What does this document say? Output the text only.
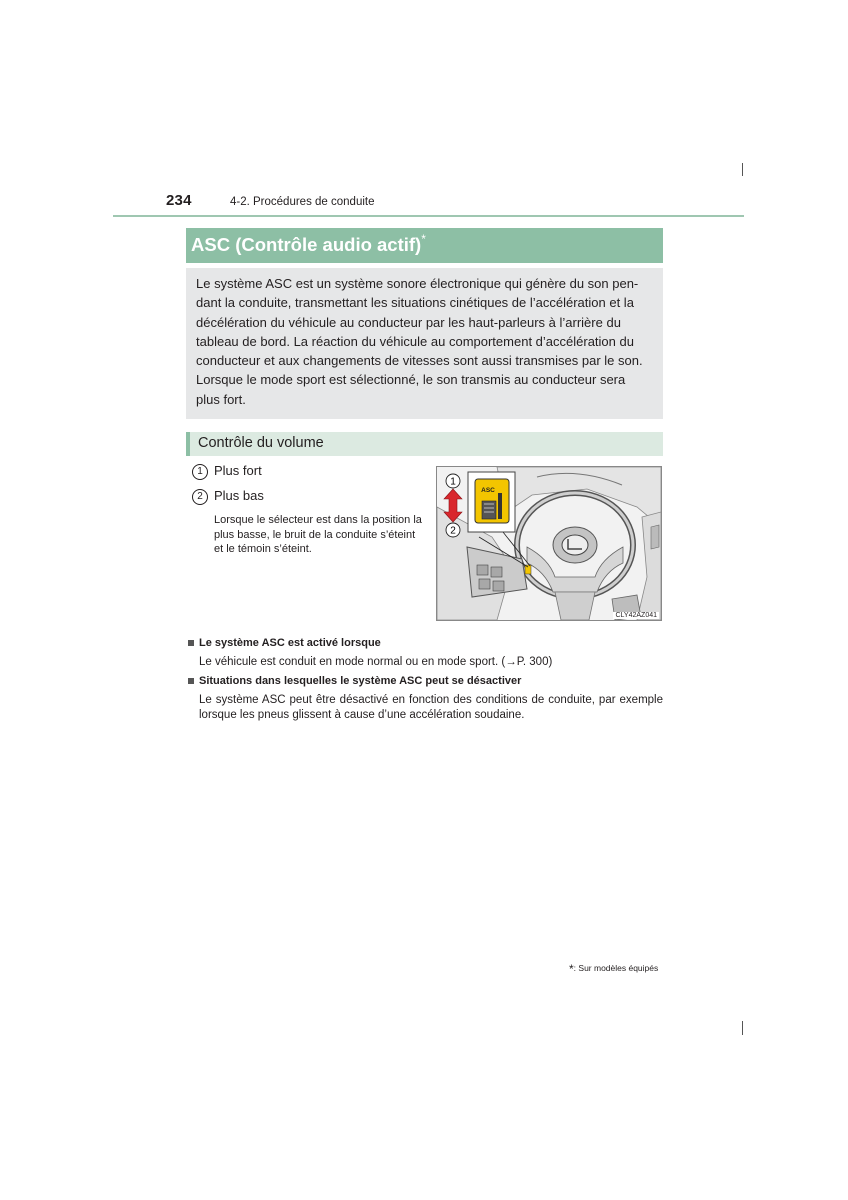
234	4-2. Procédures de conduite
ASC (Contrôle audio actif)*
Le système ASC est un système sonore électronique qui génère du son pen-
dant la conduite, transmettant les situations cinétiques de l’accélération et la
décélération du véhicule au conducteur par les haut-parleurs à l’arrière du
tableau de bord. La réaction du véhicule au comportement d’accélération du
conducteur et aux changements de vitesses sont aussi transmises par le son.
Lorsque le mode sport est sélectionné, le son transmis au conducteur sera
plus fort.
Contrôle du volume
1 Plus fort
2 Plus bas
Lorsque le sélecteur est dans la position la
plus basse, le bruit de la conduite s’éteint
et le témoin s’éteint.
1
2
ASC
CLY42AZ041
Le système ASC est activé lorsque
Le véhicule est conduit en mode normal ou en mode sport. (→P. 300)
Situations dans lesquelles le système ASC peut se désactiver
Le système ASC peut être désactivé en fonction des conditions de conduite, par exemple
lorsque les pneus glissent à cause d’une accélération soudaine.
*: Sur modèles équipés
